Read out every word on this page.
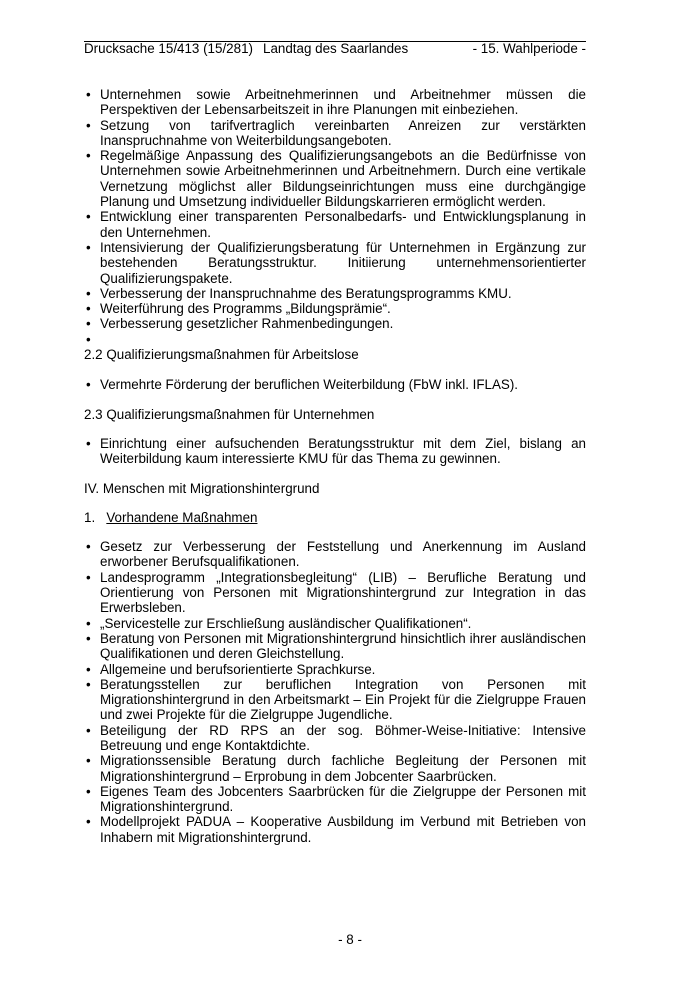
Drucksache 15/413 (15/281) Landtag des Saarlandes	- 15. Wahlperiode -
• Unternehmen sowie Arbeitnehmerinnen und Arbeitnehmer müssen die Perspektiven der Lebensarbeitszeit in ihre Planungen mit einbeziehen.
• Setzung von tarifvertraglich vereinbarten Anreizen zur verstärkten Inanspruchnahme von Weiterbildungsangeboten.
• Regelmäßige Anpassung des Qualifizierungsangebots an die Bedürfnisse von Unternehmen sowie Arbeitnehmerinnen und Arbeitnehmern. Durch eine vertikale Vernetzung möglichst aller Bildungseinrichtungen muss eine durchgängige Planung und Umsetzung individueller Bildungskarrieren ermöglicht werden.
• Entwicklung einer transparenten Personalbedarfs- und Entwicklungsplanung in den Unternehmen.
• Intensivierung der Qualifizierungsberatung für Unternehmen in Ergänzung zur bestehenden Beratungsstruktur. Initiierung unternehmensorientierter Qualifizierungspakete.
• Verbesserung der Inanspruchnahme des Beratungsprogramms KMU.
• Weiterführung des Programms „Bildungsprämie“.
• Verbesserung gesetzlicher Rahmenbedingungen.
•

2.2 Qualifizierungsmaßnahmen für Arbeitslose

• Vermehrte Förderung der beruflichen Weiterbildung (FbW inkl. IFLAS).

2.3 Qualifizierungsmaßnahmen für Unternehmen

• Einrichtung einer aufsuchenden Beratungsstruktur mit dem Ziel, bislang an Weiterbildung kaum interessierte KMU für das Thema zu gewinnen.

IV. Menschen mit Migrationshintergrund

1. Vorhandene Maßnahmen

• Gesetz zur Verbesserung der Feststellung und Anerkennung im Ausland erworbener Berufsqualifikationen.
• Landesprogramm „Integrationsbegleitung“ (LIB) – Berufliche Beratung und Orientierung von Personen mit Migrationshintergrund zur Integration in das Erwerbsleben.
• „Servicestelle zur Erschließung ausländischer Qualifikationen“.
• Beratung von Personen mit Migrationshintergrund hinsichtlich ihrer ausländischen Qualifikationen und deren Gleichstellung.
• Allgemeine und berufsorientierte Sprachkurse.
• Beratungsstellen zur beruflichen Integration von Personen mit Migrationshintergrund in den Arbeitsmarkt – Ein Projekt für die Zielgruppe Frauen und zwei Projekte für die Zielgruppe Jugendliche.
• Beteiligung der RD RPS an der sog. Böhmer-Weise-Initiative: Intensive Betreuung und enge Kontaktdichte.
• Migrationssensible Beratung durch fachliche Begleitung der Personen mit Migrationshintergrund – Erprobung in dem Jobcenter Saarbrücken.
• Eigenes Team des Jobcenters Saarbrücken für die Zielgruppe der Personen mit Migrationshintergrund.
• Modellprojekt PADUA – Kooperative Ausbildung im Verbund mit Betrieben von Inhabern mit Migrationshintergrund.
- 8 -
